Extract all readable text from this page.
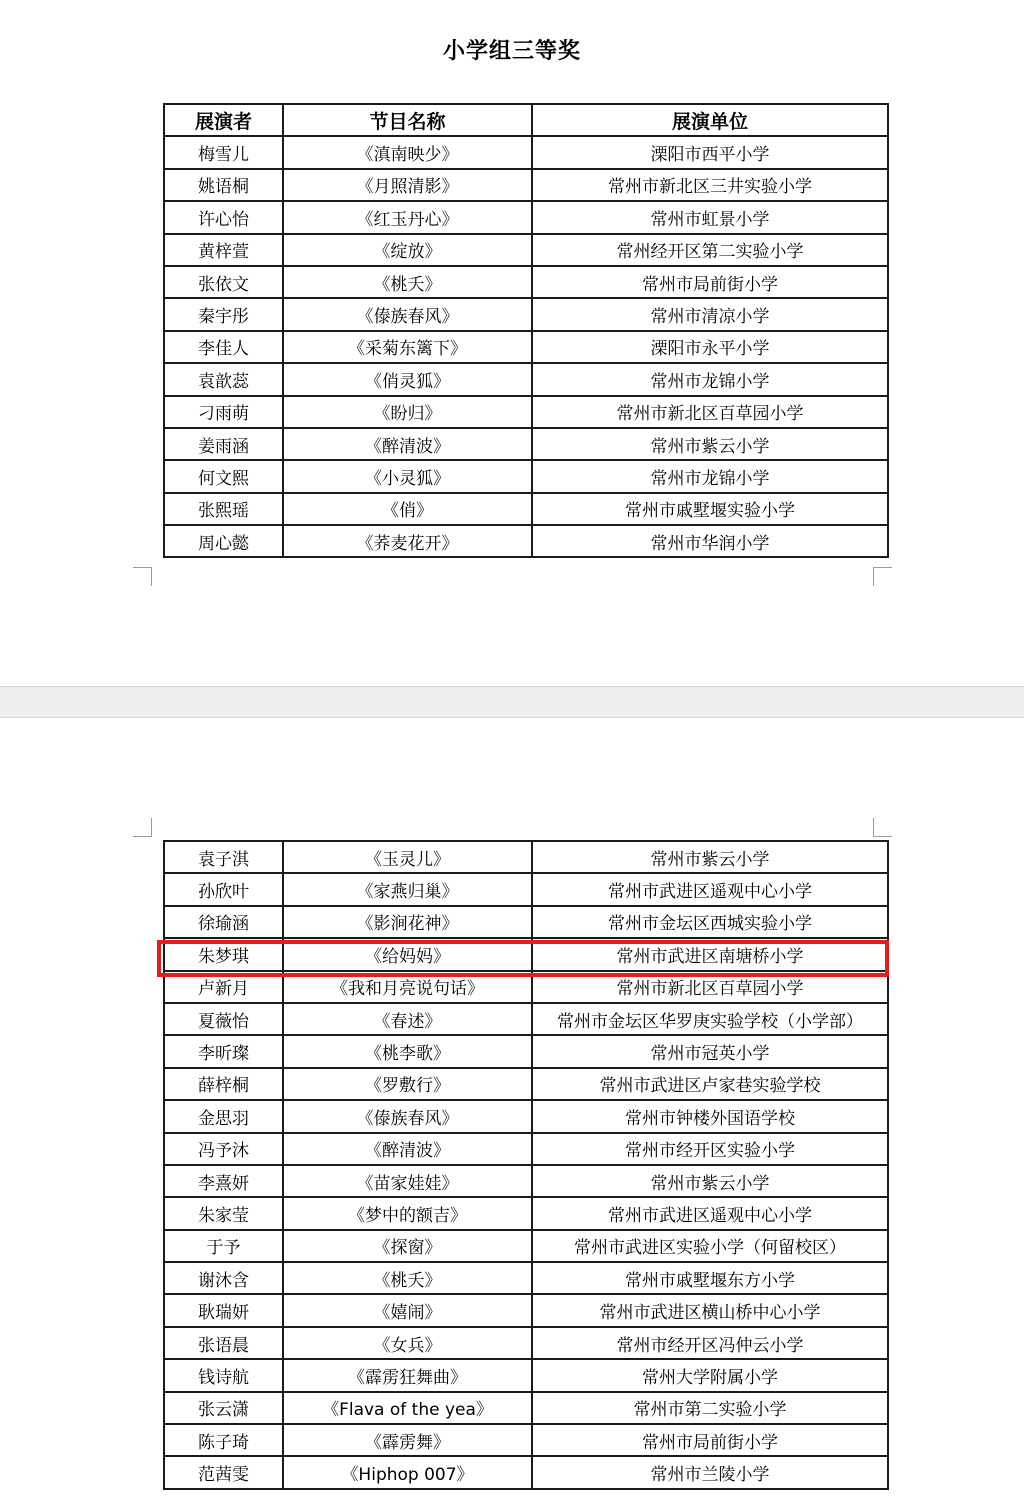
小学组三等奖
展演者	节目名称	展演单位
梅雪儿	《滇南映少》	溧阳市西平小学
姚语桐	《月照清影》	常州市新北区三井实验小学
许心怡	《红玉丹心》	常州市虹景小学
黄梓萱	《绽放》	常州经开区第二实验小学
张依文	《桃夭》	常州市局前街小学
秦宇彤	《傣族春风》	常州市清凉小学
李佳人	《采菊东篱下》	溧阳市永平小学
袁歆蕊	《俏灵狐》	常州市龙锦小学
刁雨萌	《盼归》	常州市新北区百草园小学
姜雨涵	《醉清波》	常州市紫云小学
何文熙	《小灵狐》	常州市龙锦小学
张熙瑶	《俏》	常州市戚墅堰实验小学
周心懿	《荞麦花开》	常州市华润小学
袁子淇	《玉灵儿》	常州市紫云小学
孙欣叶	《家燕归巢》	常州市武进区遥观中心小学
徐瑜涵	《影涧花神》	常州市金坛区西城实验小学
朱梦琪	《给妈妈》	常州市武进区南塘桥小学
卢新月	《我和月亮说句话》	常州市新北区百草园小学
夏薇怡	《春述》	常州市金坛区华罗庚实验学校（小学部）
李昕璨	《桃李歌》	常州市冠英小学
薛梓桐	《罗敷行》	常州市武进区卢家巷实验学校
金思羽	《傣族春风》	常州市钟楼外国语学校
冯予沐	《醉清波》	常州市经开区实验小学
李熹妍	《苗家娃娃》	常州市紫云小学
朱家莹	《梦中的额吉》	常州市武进区遥观中心小学
于予	《探窗》	常州市武进区实验小学（何留校区）
谢沐含	《桃夭》	常州市戚墅堰东方小学
耿瑞妍	《嬉闹》	常州市武进区横山桥中心小学
张语晨	《女兵》	常州市经开区冯仲云小学
钱诗航	《霹雳狂舞曲》	常州大学附属小学
张云潇	《Flava of the yea》	常州市第二实验小学
陈子琦	《霹雳舞》	常州市局前街小学
范茜雯	《Hiphop 007》	常州市兰陵小学
